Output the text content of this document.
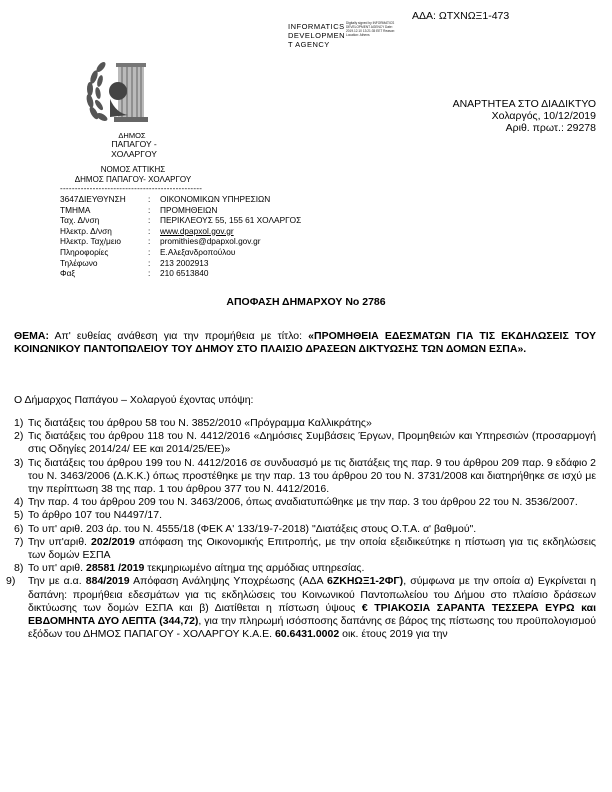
ΑΔΑ: ΩΤΧΝΩΞ1-473
INFORMATICS
DEVELOPMEN
T AGENCY
Digitally signed by INFORMATICS DEVELOPMENT AGENCY Date: 2019.12.10 13:21:35 EET Reason: Location: Athens
ΔΗΜΟΣ
ΠΑΠΑΓΟΥ - ΧΟΛΑΡΓΟΥ
ΑΝΑΡΤΗΤΕΑ ΣΤΟ ΔΙΑΔΙΚΤΥΟ
Χολαργός, 10/12/2019
Αριθ. πρωτ.: 29278
ΝΟΜΟΣ ΑΤΤΙΚΗΣ
ΔΗΜΟΣ ΠΑΠΑΓΟΥ- ΧΟΛΑΡΓΟΥ
------------------------------------------------
3647ΔΙΕΥΘΥΝΣΗ	:	ΟΙΚΟΝΟΜΙΚΩΝ ΥΠΗΡΕΣΙΩΝ
ΤΜΗΜΑ	:	ΠΡΟΜΗΘΕΙΩΝ
Ταχ. Δ/νση	:	ΠΕΡΙΚΛΕΟΥΣ 55, 155 61 ΧΟΛΑΡΓΟΣ
Ηλεκτρ. Δ/νση	:	www.dpapxol.gov.gr
Ηλεκτρ. Ταχ/μειο	:	promithies@dpapxol.gov.gr
Πληροφορίες	:	Ε.Αλεξανδροπούλου
Τηλέφωνο	:	213 2002913
Φαξ	:	210 6513840
ΑΠΟΦΑΣΗ ΔΗΜΑΡΧΟΥ Νο 2786
ΘΕΜΑ: Απ' ευθείας ανάθεση για την προμήθεια με τίτλο: «ΠΡΟΜΗΘΕΙΑ ΕΔΕΣΜΑΤΩΝ ΓΙΑ ΤΙΣ ΕΚΔΗΛΩΣΕΙΣ ΤΟΥ ΚΟΙΝΩΝΙΚΟΥ ΠΑΝΤΟΠΩΛΕΙΟΥ ΤΟΥ ΔΗΜΟΥ ΣΤΟ ΠΛΑΙΣΙΟ ΔΡΑΣΕΩΝ ΔΙΚΤΥΩΣΗΣ ΤΩΝ ΔΟΜΩΝ ΕΣΠΑ».
Ο Δήμαρχος Παπάγου – Χολαργού έχοντας υπόψη:
1) Τις διατάξεις του άρθρου 58 του Ν. 3852/2010 «Πρόγραμμα Καλλικράτης»
2) Τις διατάξεις του άρθρου 118 του Ν. 4412/2016 «Δημόσιες Συμβάσεις Έργων, Προμηθειών και Υπηρεσιών (προσαρμογή στις Οδηγίες 2014/24/ ΕΕ και 2014/25/ΕΕ)»
3) Τις διατάξεις του άρθρου 199 του Ν. 4412/2016 σε συνδυασμό με τις διατάξεις της παρ. 9 του άρθρου 209 παρ. 9 εδάφιο 2 του Ν. 3463/2006 (Δ.Κ.Κ.) όπως προστέθηκε με την παρ. 13 του άρθρου 20 του Ν. 3731/2008 και διατηρήθηκε σε ισχύ με την περίπτωση 38 της παρ. 1 του άρθρου 377 του Ν. 4412/2016.
4) Την παρ. 4 του άρθρου 209 του Ν. 3463/2006, όπως αναδιατυπώθηκε με την παρ. 3 του άρθρου 22 του Ν. 3536/2007.
5) Το άρθρο 107 του Ν4497/17.
6) Το υπ' αριθ. 203 άρ. του Ν. 4555/18 (ΦΕΚ Α' 133/19-7-2018) "Διατάξεις στους Ο.Τ.Α. α' βαθμού".
7) Την υπ'αριθ. 202/2019 απόφαση της Οικονομικής Επιτροπής, με την οποία εξειδικεύτηκε η πίστωση για τις εκδηλώσεις των δομών ΕΣΠΑ
8) Το υπ' αριθ. 28581 /2019 τεκμηριωμένο αίτημα της αρμόδιας υπηρεσίας.
9)	Την με α.α. 884/2019 Απόφαση Ανάληψης Υποχρέωσης (ΑΔΑ 6ΖΚΗΩΞ1-2ΦΓ), σύμφωνα με την οποία α) Εγκρίνεται η δαπάνη: προμήθεια εδεσμάτων για τις εκδηλώσεις του Κοινωνικού Παντοπωλείου του Δήμου στο πλαίσιο δράσεων δικτύωσης των δομών ΕΣΠΑ και β) Διατίθεται η πίστωση ύψους € ΤΡΙΑΚΟΣΙΑ ΣΑΡΑΝΤΑ ΤΕΣΣΕΡΑ ΕΥΡΩ και ΕΒΔΟΜΗΝΤΑ ΔΥΟ ΛΕΠΤΑ (344,72), για την πληρωμή ισόσποσης δαπάνης σε βάρος της πίστωσης του προϋπολογισμού εξόδων του ΔΗΜΟΣ ΠΑΠΑΓΟΥ - ΧΟΛΑΡΓΟΥ Κ.Α.Ε. 60.6431.0002 οικ. έτους 2019 για την
